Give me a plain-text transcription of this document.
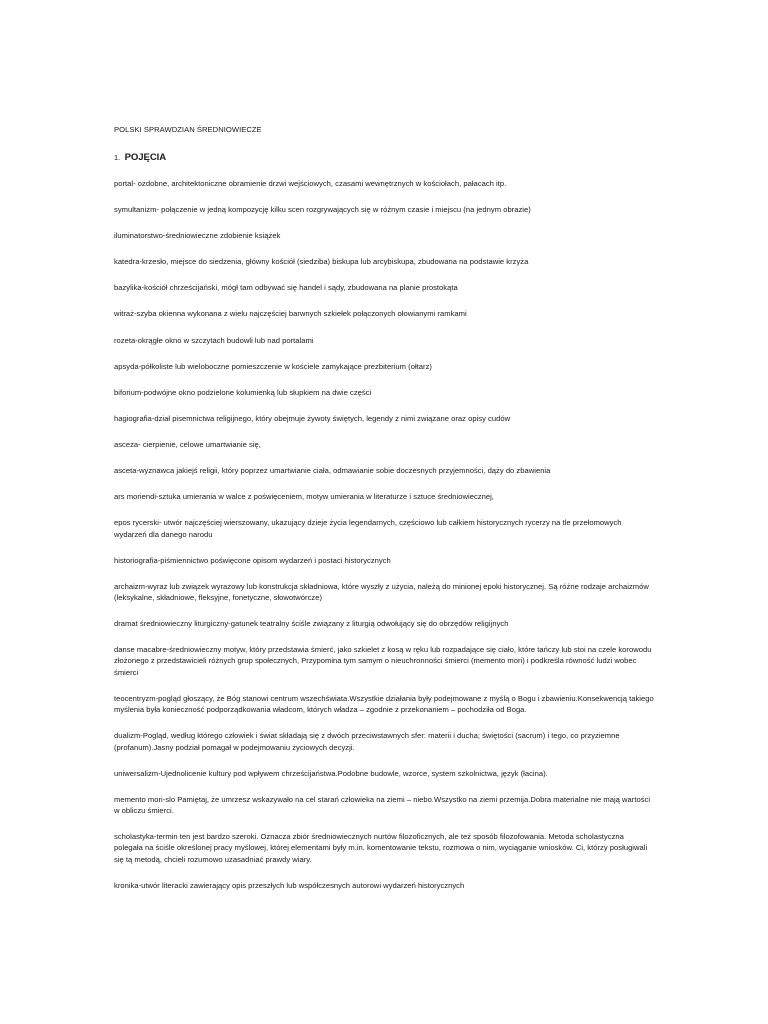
POLSKI SPRAWDZIAN ŚREDNIOWIECZE
1. POJĘCIA

portal- ozdobne, architektoniczne obramienie drzwi wejściowych, czasami wewnętrznych w kościołach, pałacach itp.

symultanizm- połączenie w jedną kompozycję kilku scen rozgrywających się w różnym czasie i miejscu (na jednym obrazie)

iluminatorstwo-średniowieczne zdobienie książek

katedra-krzesło, miejsce do siedzenia, główny kościół (siedziba) biskupa lub arcybiskupa, zbudowana na podstawie krzyża

bazylika-kościół chrześcijański, mógł tam odbywać się handel i sądy, zbudowana na planie prostokąta

witraż-szyba okienna wykonana z wielu najczęściej barwnych szkiełek połączonych ołowianymi ramkami

rozeta-okrągłe okno w szczytach budowli lub nad portalami

apsyda-półkoliste lub wieloboczne pomieszczenie w kościele zamykające prezbiterium (ołtarz)

biforium-podwójne okno podzielone kolumienką lub słupkiem na dwie części

hagiografia-dział pisemnictwa religijnego, który obejmuje żywoty świętych, legendy z nimi związane oraz opisy cudów

asceza- cierpienie, celowe umartwianie się,

asceta-wyznawca jakiejś religii, który poprzez umartwianie ciała, odmawianie sobie doczesnych przyjemności, dąży do zbawienia

ars moriendi-sztuka umierania w walce z poświęceniem, motyw umierania w literaturze i sztuce średniowiecznej,

epos rycerski- utwór najczęściej wierszowany, ukazujący dzieje życia legendarnych, częściowo lub całkiem historycznych rycerzy na tle przełomowych wydarzeń dla danego narodu

historiografia-piśmiennictwo poświęcone opisom wydarzeń i postaci historycznych

archaizm-wyraz lub związek wyrazowy lub konstrukcja składniowa, które wyszły z użycia, należą do minionej epoki historycznej. Są różne rodzaje archaizmów (leksykalne, składniowe, fleksyjne, fonetyczne, słowotwórcze)

dramat średniowieczny liturgiczny-gatunek teatralny ściśle związany z liturgią odwołujący się do obrzędów religijnych

danse macabre-średniowieczny motyw, który przedstawia śmierć, jako szkielet z kosą w ręku lub rozpadające się ciało, które tańczy lub stoi na czele korowodu złożonego z przedstawicieli różnych grup społecznych, Przypomina tym samym o nieuchronności śmierci (memento mori) i podkreśla równość ludzi wobec śmierci

teocentryzm-pogląd głoszący, że Bóg stanowi centrum wszechświata.Wszystkie działania były podejmowane z myślą o Bogu i zbawieniu.Konsekwencją takiego myślenia była konieczność podporządkowania władcom, których władza – zgodnie z przekonaniem – pochodziła od Boga.

dualizm-Pogląd, według którego człowiek i świat składają się z dwóch przeciwstawnych sfer: materii i ducha; świętości (sacrum) i tego, co przyziemne (profanum).Jasny podział pomagał w podejmowaniu życiowych decyzji.

uniwersalizm-Ujednolicenie kultury pod wpływem chrześcijaństwa.Podobne budowle, wzorce, system szkolnictwa, język (łacina).

memento mori-slo Pamiętaj, że umrzesz wskazywało na cel starań człowieka na ziemi – niebo.Wszystko na ziemi przemija.Dobra materialne nie mają wartości w obliczu śmierci.

scholastyka-termin ten jest bardzo szeroki. Oznacza zbiór średniowiecznych nurtów filozoficznych, ale też sposób filozofowania. Metoda scholastyczna polegała na ściśle określonej pracy myślowej, której elementami były m.in. komentowanie tekstu, rozmowa o nim, wyciąganie wniosków. Ci, którzy posługiwali się tą metodą, chcieli rozumowo uzasadniać prawdy wiary.

kronika-utwór literacki zawierający opis przeszłych lub współczesnych autorowi wydarzeń historycznych
